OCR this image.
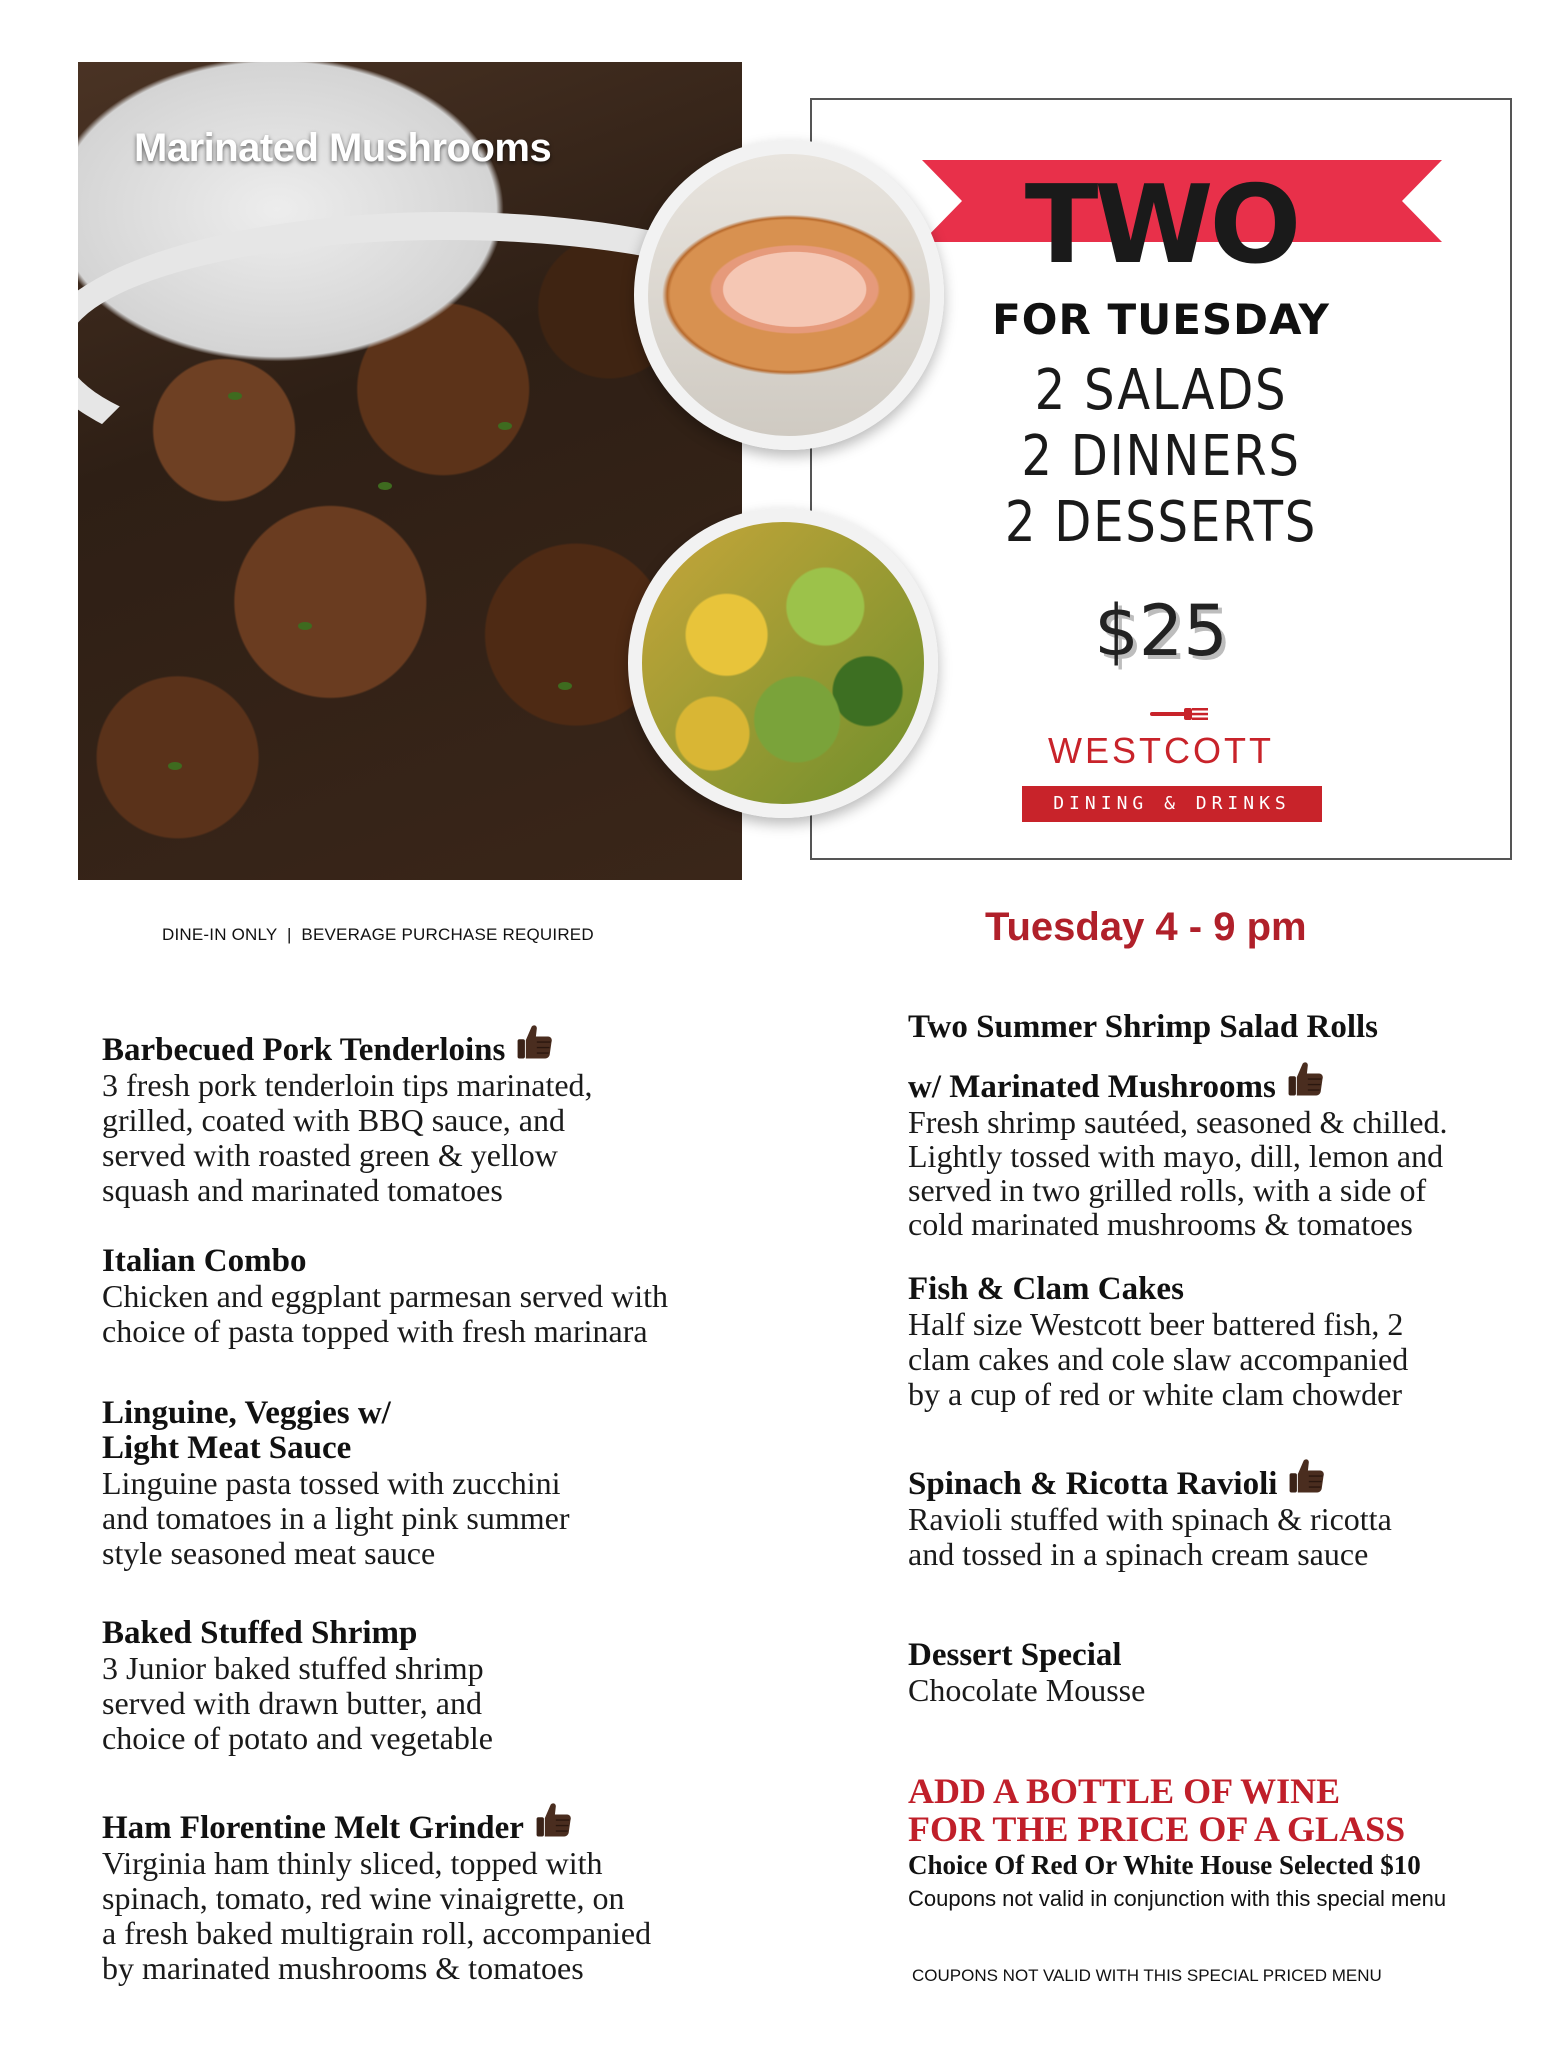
Marinated Mushrooms
TWO
FOR TUESDAY
2 SALADS
2 DINNERS
2 DESSERTS
$25
WESTCOTT
DINING & DRINKS
DINE-IN ONLY  |  BEVERAGE PURCHASE REQUIRED	Tuesday 4 - 9 pm
Barbecued Pork Tenderloins

3 fresh pork tenderloin tips marinated,
grilled, coated with BBQ sauce, and
served with roasted green & yellow
squash and marinated tomatoes

Italian Combo

Chicken and eggplant parmesan served with
choice of pasta topped with fresh marinara

Linguine, Veggies w/
Light Meat Sauce

Linguine pasta tossed with zucchini
and tomatoes in a light pink summer
style seasoned meat sauce

Baked Stuffed Shrimp

3 Junior baked stuffed shrimp
served with drawn butter, and
choice of potato and vegetable

Ham Florentine Melt Grinder

Virginia ham thinly sliced, topped with
spinach, tomato, red wine vinaigrette, on
a fresh baked multigrain roll, accompanied
by marinated mushrooms & tomatoes

Two Summer Shrimp Salad Rolls
w/ Marinated Mushrooms

Fresh shrimp sautéed, seasoned & chilled.
Lightly tossed with mayo, dill, lemon and
served in two grilled rolls, with a side of
cold marinated mushrooms & tomatoes

Fish & Clam Cakes

Half size Westcott beer battered fish, 2
clam cakes and cole slaw accompanied
by a cup of red or white clam chowder

Spinach & Ricotta Ravioli

Ravioli stuffed with spinach & ricotta
and tossed in a spinach cream sauce

Dessert Special

Chocolate Mousse

ADD A BOTTLE OF WINE
FOR THE PRICE OF A GLASS
Choice Of Red Or White House Selected $10
Coupons not valid in conjunction with this special menu
COUPONS NOT VALID WITH THIS SPECIAL PRICED MENU
